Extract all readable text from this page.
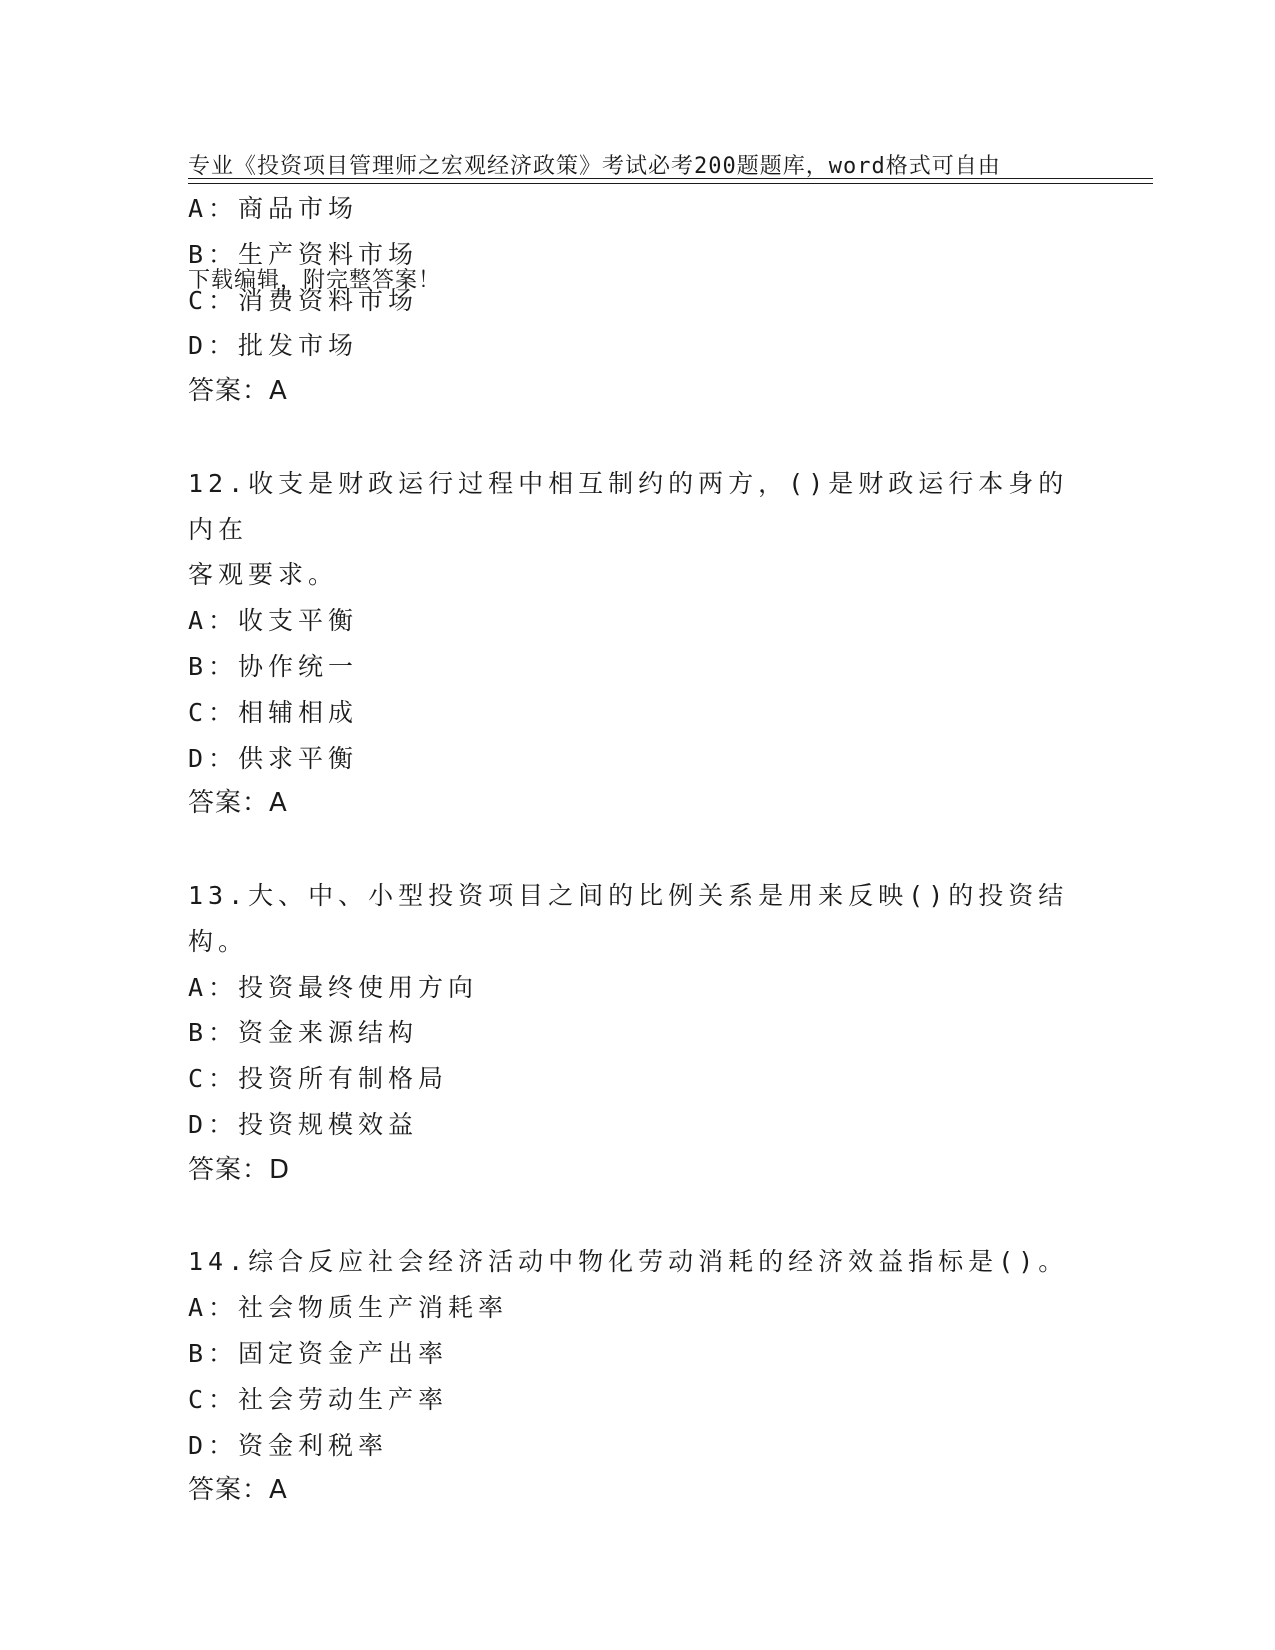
专业《投资项目管理师之宏观经济政策》考试必考200题题库，word格式可自由

下载编辑，附完整答案！

A：商品市场
B：生产资料市场
C：消费资料市场
D：批发市场
答案：A
12.收支是财政运行过程中相互制约的两方，()是财政运行本身的内在
客观要求。
A：收支平衡
B：协作统一
C：相辅相成
D：供求平衡
答案：A
13.大、中、小型投资项目之间的比例关系是用来反映()的投资结构。
A：投资最终使用方向
B：资金来源结构
C：投资所有制格局
D：投资规模效益
答案：D
14.综合反应社会经济活动中物化劳动消耗的经济效益指标是()。
A：社会物质生产消耗率
B：固定资金产出率
C：社会劳动生产率
D：资金利税率
答案：A
